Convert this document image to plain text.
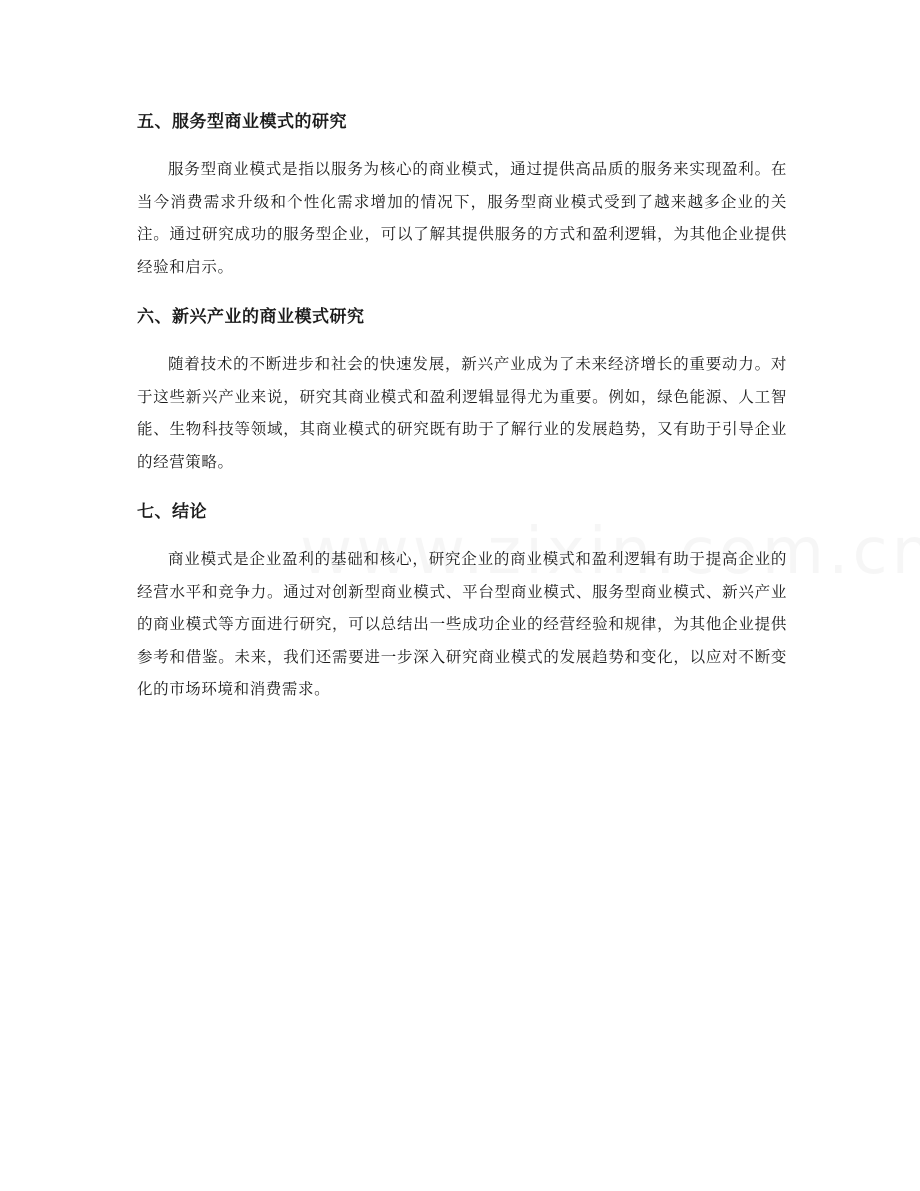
五、服务型商业模式的研究

服务型商业模式是指以服务为核心的商业模式，通过提供高品质的服务来实现盈利。在当今消费需求升级和个性化需求增加的情况下，服务型商业模式受到了越来越多企业的关注。通过研究成功的服务型企业，可以了解其提供服务的方式和盈利逻辑，为其他企业提供经验和启示。

六、新兴产业的商业模式研究

随着技术的不断进步和社会的快速发展，新兴产业成为了未来经济增长的重要动力。对于这些新兴产业来说，研究其商业模式和盈利逻辑显得尤为重要。例如，绿色能源、人工智能、生物科技等领域，其商业模式的研究既有助于了解行业的发展趋势，又有助于引导企业的经营策略。

七、结论

商业模式是企业盈利的基础和核心，研究企业的商业模式和盈利逻辑有助于提高企业的经营水平和竞争力。通过对创新型商业模式、平台型商业模式、服务型商业模式、新兴产业的商业模式等方面进行研究，可以总结出一些成功企业的经营经验和规律，为其他企业提供参考和借鉴。未来，我们还需要进一步深入研究商业模式的发展趋势和变化，以应对不断变化的市场环境和消费需求。
